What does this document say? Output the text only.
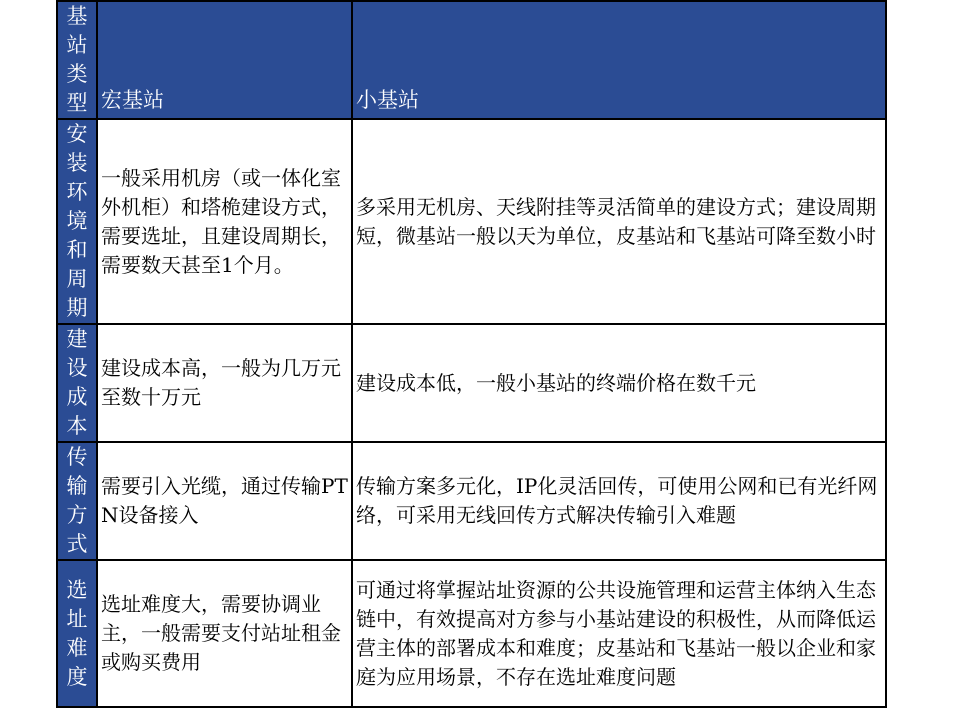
基站类型	宏基站	小基站
安装环境和周期	一般采用机房（或一体化室外机柜）和塔桅建设方式，需要选址，且建设周期长，需要数天甚至1个月。	多采用无机房、天线附挂等灵活简单的建设方式；建设周期短，微基站一般以天为单位，皮基站和飞基站可降至数小时
建设成本	建设成本高，一般为几万元至数十万元	建设成本低，一般小基站的终端价格在数千元
传输方式	需要引入光缆，通过传输PTN设备接入	传输方案多元化，IP化灵活回传，可使用公网和已有光纤网络，可采用无线回传方式解决传输引入难题
选址难度	选址难度大，需要协调业主，一般需要支付站址租金或购买费用	可通过将掌握站址资源的公共设施管理和运营主体纳入生态链中，有效提高对方参与小基站建设的积极性，从而降低运营主体的部署成本和难度；皮基站和飞基站一般以企业和家庭为应用场景，不存在选址难度问题
